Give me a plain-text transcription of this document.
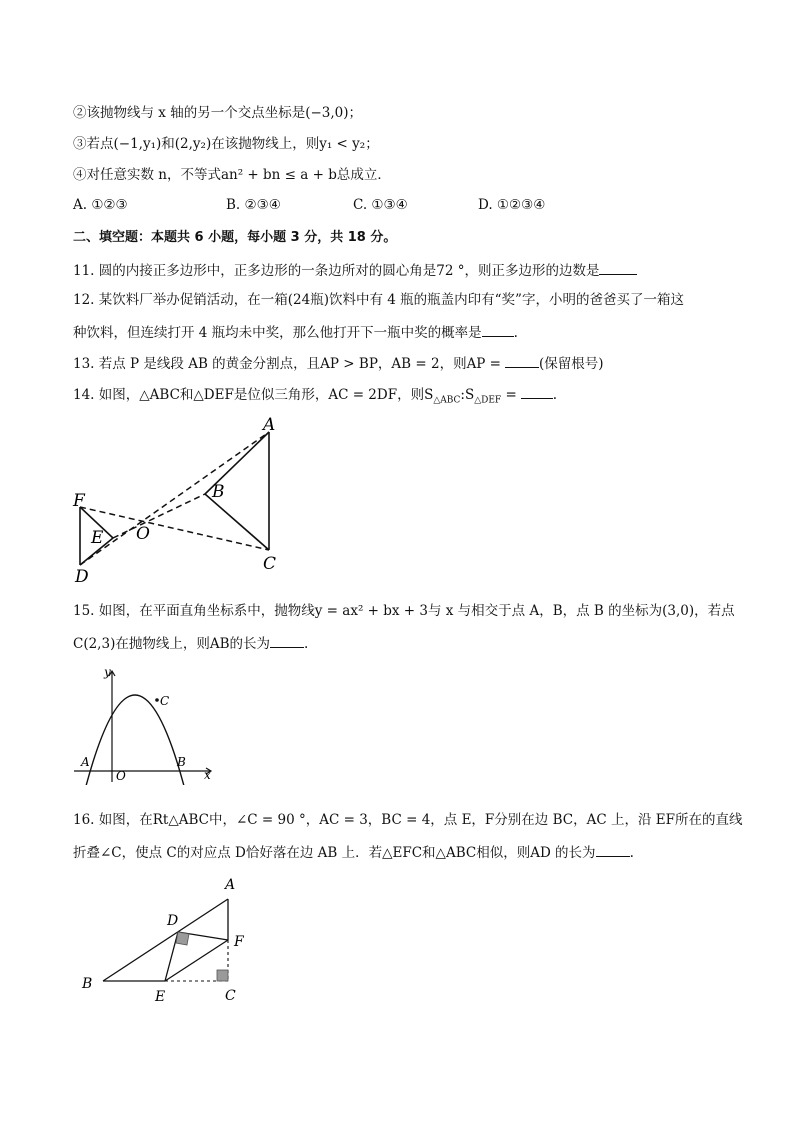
②该抛物线与 x 轴的另一个交点坐标是(−3,0)；
③若点(−1,y₁)和(2,y₂)在该抛物线上，则y₁ < y₂；
④对任意实数 n，不等式an² + bn ≤ a + b总成立．
A. ①②③	B. ②③④	C. ①③④	D. ①②③④
二、填空题：本题共 6 小题，每小题 3 分，共 18 分。
11. 圆的内接正多边形中，正多边形的一条边所对的圆心角是72 °，则正多边形的边数是
12. 某饮料厂举办促销活动，在一箱(24瓶)饮料中有 4 瓶的瓶盖内印有“奖”字，小明的爸爸买了一箱这
种饮料，但连续打开 4 瓶均未中奖，那么他打开下一瓶中奖的概率是 .
13. 若点 P 是线段 AB 的黄金分割点，且AP > BP，AB = 2，则AP =	(保留根号)
14. 如图，△ABC和△DEF是位似三角形，AC = 2DF，则$S_{\triangle ABC}:S_{\triangle DEF}$ =	.
A
B
C
D
E
F
O
15. 如图，在平面直角坐标系中，抛物线y = ax² + bx + 3与 x 与相交于点 A，B，点 B 的坐标为(3,0)，若点
C(2,3)在抛物线上，则AB的长为	.
y
x
O
A	B
C
16. 如图，在Rt△ABC中，∠C = 90 °，AC = 3，BC = 4，点 E，F分别在边 BC，AC 上，沿 EF所在的直线
折叠∠C，使点 C的对应点 D恰好落在边 AB 上．若△EFC和△ABC相似，则AD 的长为	.
A
B
C
D
E
F
